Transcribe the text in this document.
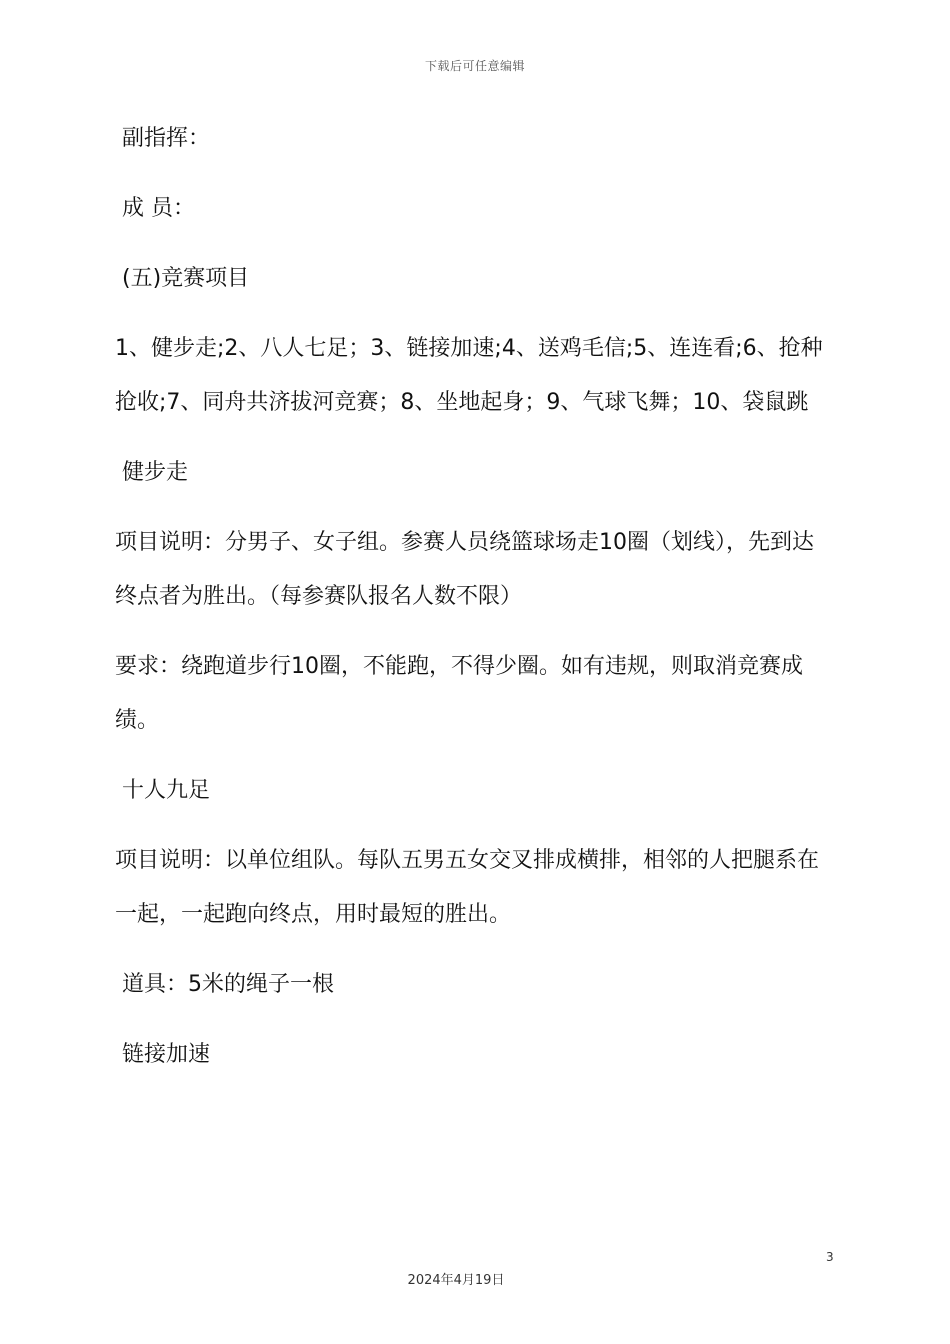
下载后可任意编辑

副指挥：

成 员：

(五)竞赛项目

1、健步走;2、八人七足；3、链接加速;4、送鸡毛信;5、连连看;6、抢种抢收;7、同舟共济拔河竞赛；8、坐地起身；9、气球飞舞；10、袋鼠跳

健步走

项目说明：分男子、女子组。参赛人员绕篮球场走10圈（划线），先到达终点者为胜出。（每参赛队报名人数不限）

要求：绕跑道步行10圈，不能跑，不得少圈。如有违规，则取消竞赛成绩。

十人九足

项目说明：以单位组队。每队五男五女交叉排成横排，相邻的人把腿系在一起，一起跑向终点，用时最短的胜出。

道具：5米的绳子一根

链接加速

3
2024年4月19日
